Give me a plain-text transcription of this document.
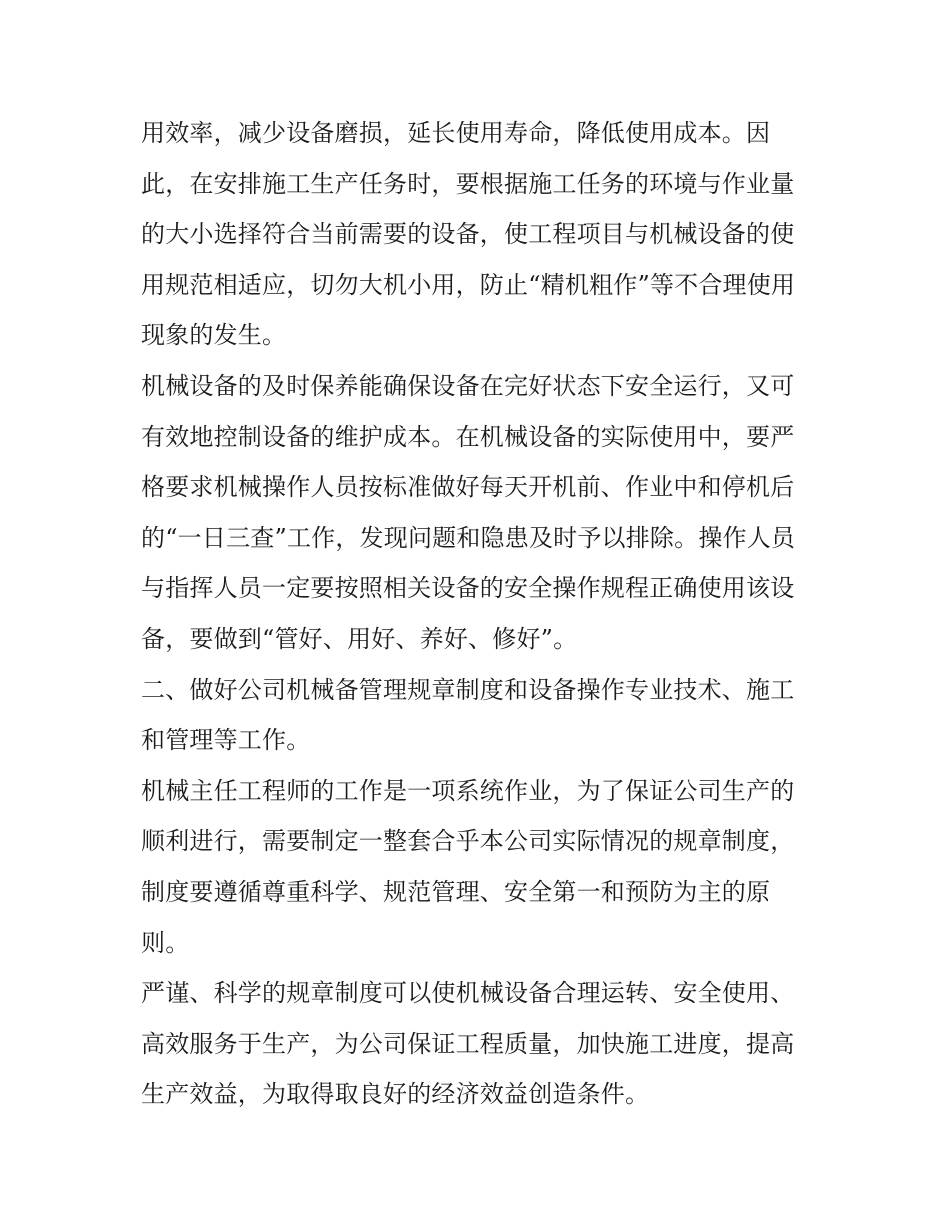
用效率，减少设备磨损，延长使用寿命，降低使用成本。因
此，在安排施工生产任务时，要根据施工任务的环境与作业量
的大小选择符合当前需要的设备，使工程项目与机械设备的使
用规范相适应，切勿大机小用，防止“精机粗作”等不合理使用
现象的发生。
机械设备的及时保养能确保设备在完好状态下安全运行，又可
有效地控制设备的维护成本。在机械设备的实际使用中，要严
格要求机械操作人员按标准做好每天开机前、作业中和停机后
的“一日三查”工作，发现问题和隐患及时予以排除。操作人员
与指挥人员一定要按照相关设备的安全操作规程正确使用该设
备，要做到“管好、用好、养好、修好”。
二、做好公司机械备管理规章制度和设备操作专业技术、施工
和管理等工作。
机械主任工程师的工作是一项系统作业，为了保证公司生产的
顺利进行，需要制定一整套合乎本公司实际情况的规章制度，
制度要遵循尊重科学、规范管理、安全第一和预防为主的原
则。
严谨、科学的规章制度可以使机械设备合理运转、安全使用、
高效服务于生产，为公司保证工程质量，加快施工进度，提高
生产效益，为取得取良好的经济效益创造条件。
